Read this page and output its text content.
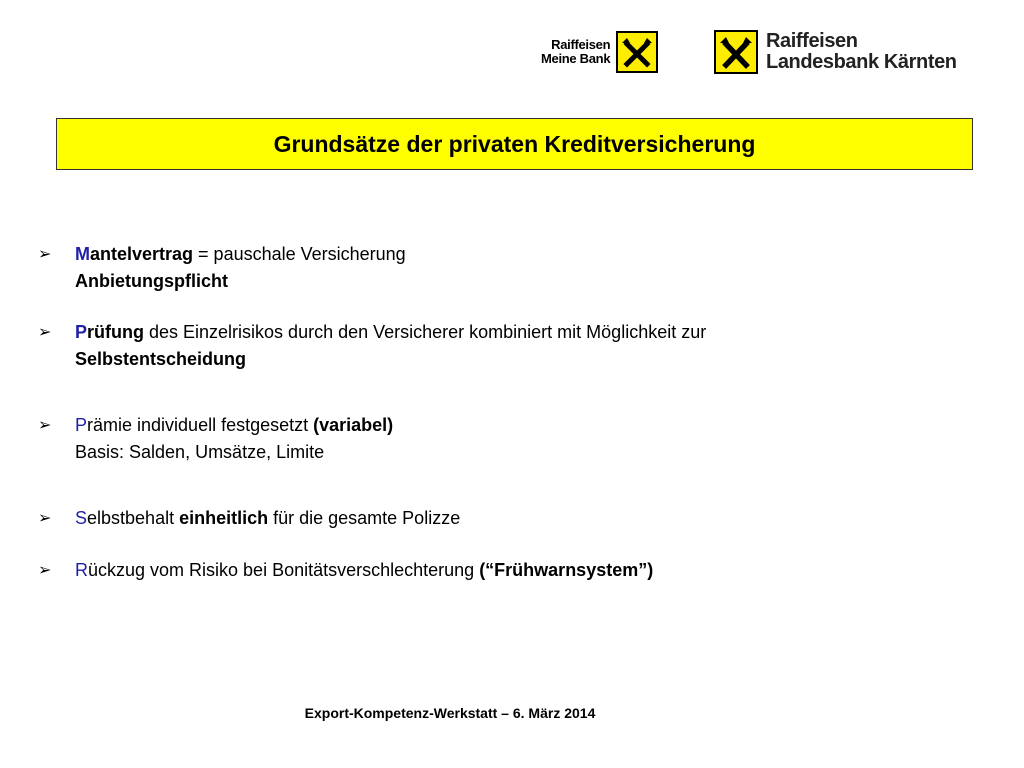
Raiffeisen
Meine Bank
Raiffeisen
Landesbank Kärnten
Grundsätze der privaten Kreditversicherung
➢	Mantelvertrag = pauschale Versicherung
Anbietungspflicht
➢	Prüfung des Einzelrisikos durch den Versicherer kombiniert mit Möglichkeit zur
Selbstentscheidung
➢	Prämie individuell festgesetzt (variabel)
Basis: Salden, Umsätze, Limite
➢	Selbstbehalt einheitlich für die gesamte Polizze
➢	Rückzug vom Risiko bei Bonitätsverschlechterung (“Frühwarnsystem”)
Export-Kompetenz-Werkstatt – 6. März 2014
